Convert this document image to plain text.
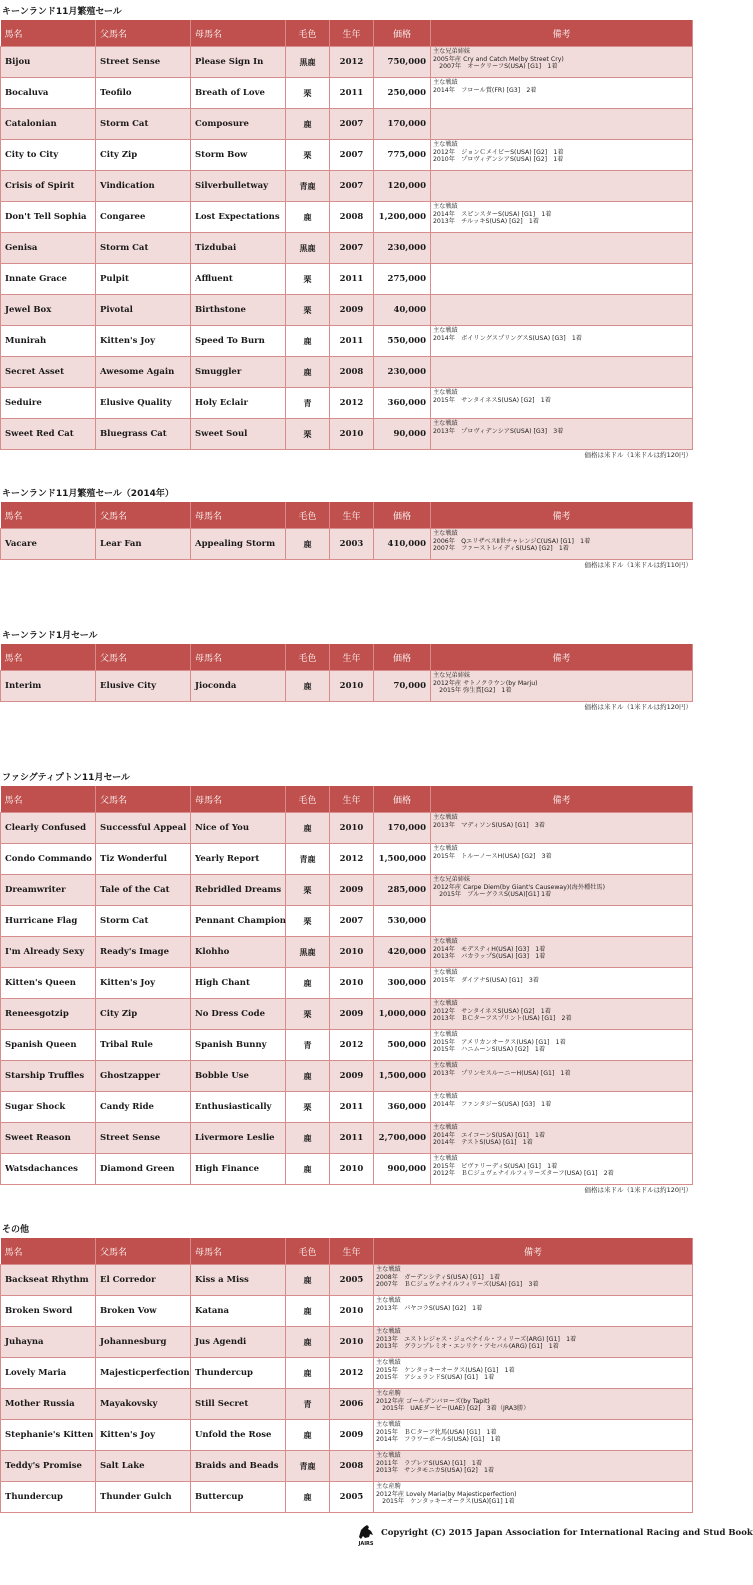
キーンランド11月繁殖セール
馬名	父馬名	母馬名	毛色	生年	価格	備考
Bijou	Street Sense	Please Sign In	黒鹿	2012	750,000	主な兄弟姉妹
2005年産 Cry and Catch Me(by Street Cry)
　2007年　オークリーフS(USA) [G1]　1着

Bocaluva	Teofilo	Breath of Love	栗	2011	250,000	主な戦績
2014年　フロール賞(FR) [G3]　2着

Catalonian	Storm Cat	Composure	鹿	2007	170,000	
City to City	City Zip	Storm Bow	栗	2007	775,000	主な戦績
2012年　ジョンＣメイビーS(USA) [G2]　1着
2010年　プロヴィデンシアS(USA) [G2]　1着

Crisis of Spirit	Vindication	Silverbulletway	青鹿	2007	120,000	
Don't Tell Sophia	Congaree	Lost Expectations	鹿	2008	1,200,000	主な戦績
2014年　スピンスターS(USA) [G1]　1着
2013年　チルッキS(USA) [G2]　1着

Genisa	Storm Cat	Tizdubai	黒鹿	2007	230,000	
Innate Grace	Pulpit	Affluent	栗	2011	275,000	
Jewel Box	Pivotal	Birthstone	栗	2009	40,000	
Munirah	Kitten's Joy	Speed To Burn	鹿	2011	550,000	主な戦績
2014年　ボイリングスプリングスS(USA) [G3]　1着

Secret Asset	Awesome Again	Smuggler	鹿	2008	230,000	
Seduire	Elusive Quality	Holy Eclair	青	2012	360,000	主な戦績
2015年　サンタイネスS(USA) [G2]　1着

Sweet Red Cat	Bluegrass Cat	Sweet Soul	栗	2010	90,000	主な戦績
2013年　プロヴィデンシアS(USA) [G3]　3着
価格は米ドル（1米ドルは約120円）
キーンランド11月繁殖セール（2014年）
馬名	父馬名	母馬名	毛色	生年	価格	備考
Vacare	Lear Fan	Appealing Storm	鹿	2003	410,000	主な戦績
2006年　QエリザベスⅡ世チャレンジC(USA) [G1]　1着
2007年　ファーストレイディS(USA) [G2]　1着
価格は米ドル（1米ドルは約110円）
キーンランド1月セール
馬名	父馬名	母馬名	毛色	生年	価格	備考
Interim	Elusive City	Jioconda	鹿	2010	70,000	主な兄弟姉妹
2012年産 サトノクラウン(by Marju)
　2015年 弥生賞[G2]　1着
価格は米ドル（1米ドルは約120円）
ファシグティプトン11月セール
馬名	父馬名	母馬名	毛色	生年	価格	備考
Clearly Confused	Successful Appeal	Nice of You	鹿	2010	170,000	主な戦績
2013年　マディソンS(USA) [G1]　3着

Condo Commando	Tiz Wonderful	Yearly Report	青鹿	2012	1,500,000	主な戦績
2015年　トルーノースH(USA) [G2]　3着

Dreamwriter	Tale of the Cat	Rebridled Dreams	栗	2009	285,000	主な兄弟姉妹
2012年産 Carpe Diem(by Giant's Causeway)(海外種牡馬)
　2015年　ブルーグラスS(USA)[G1] 1着

Hurricane Flag	Storm Cat	Pennant Champion	栗	2007	530,000	
I'm Already Sexy	Ready's Image	Klohho	黒鹿	2010	420,000	主な戦績
2014年　モデスティH(USA) [G3]　1着
2013年　バカラップS(USA) [G3]　1着

Kitten's Queen	Kitten's Joy	High Chant	鹿	2010	300,000	主な戦績
2015年　ダイアナS(USA) [G1]　3着

Reneesgotzip	City Zip	No Dress Code	栗	2009	1,000,000	主な戦績
2012年　サンタイネスS(USA) [G2]　1着
2013年　ＢＣターフスプリント(USA) [G1]　2着

Spanish Queen	Tribal Rule	Spanish Bunny	青	2012	500,000	主な戦績
2015年　アメリカンオークス(USA) [G1]　1着
2015年　ハニムーンS(USA) [G2]　1着

Starship Truffles	Ghostzapper	Bobble Use	鹿	2009	1,500,000	主な戦績
2013年　プリンセスルーニーH(USA) [G1]　1着

Sugar Shock	Candy Ride	Enthusiastically	栗	2011	360,000	主な戦績
2014年　ファンタジーS(USA) [G3]　1着

Sweet Reason	Street Sense	Livermore Leslie	鹿	2011	2,700,000	主な戦績
2014年　エイコーンS(USA) [G1]　1着
2014年　テストS(USA) [G1]　1着

Watsdachances	Diamond Green	High Finance	鹿	2010	900,000	主な戦績
2015年　ビヴァリーディS(USA) [G1]　1着
2012年　ＢＣジュヴェナイルフィリーズターフ(USA) [G1]　2着
価格は米ドル（1米ドルは約120円）
その他
馬名	父馬名	母馬名	毛色	生年	備考
Backseat Rhythm	El Corredor	Kiss a Miss	鹿	2005	主な戦績
2008年　ガーデンシティS(USA) [G1]　1着
2007年　ＢＣジュヴェナイルフィリーズ(USA) [G1]　3着

Broken Sword	Broken Vow	Katana	鹿	2010	主な戦績
2013年　パヤコラS(USA) [G2]　1着

Juhayna	Johannesburg	Jus Agendi	鹿	2010	主な戦績
2013年　エストレジャス・ジュベナイル・フィリーズ(ARG) [G1]　1着
2013年　グランプレミオ・エンリケ・アセバル(ARG) [G1]　1着

Lovely Maria	Majesticperfection	Thundercup	鹿	2012	主な戦績
2015年　ケンタッキーオークス(USA) [G1]　1着
2015年　アシュランドS(USA) [G1]　1着

Mother Russia	Mayakovsky	Still Secret	青	2006	主な産駒
2012年産 ゴールデンバローズ(by Tapit)
　2015年　UAEダービー(UAE) [G2]　3着（JRA3勝）

Stephanie's Kitten	Kitten's Joy	Unfold the Rose	鹿	2009	主な戦績
2015年　ＢＣターフ牝馬(USA) [G1]　1着
2014年　フラワーボールS(USA) [G1]　1着

Teddy's Promise	Salt Lake	Braids and Beads	青鹿	2008	主な戦績
2011年　ラブレアS(USA) [G1]　1着
2013年　サンタモニカS(USA) [G2]　1着

Thundercup	Thunder Gulch	Buttercup	鹿	2005	主な産駒
2012年産 Lovely Maria(by Majesticperfection)
　2015年　ケンタッキーオークス(USA)[G1] 1着
JAIRS
Copyright (C) 2015 Japan Association for International Racing and Stud Book
